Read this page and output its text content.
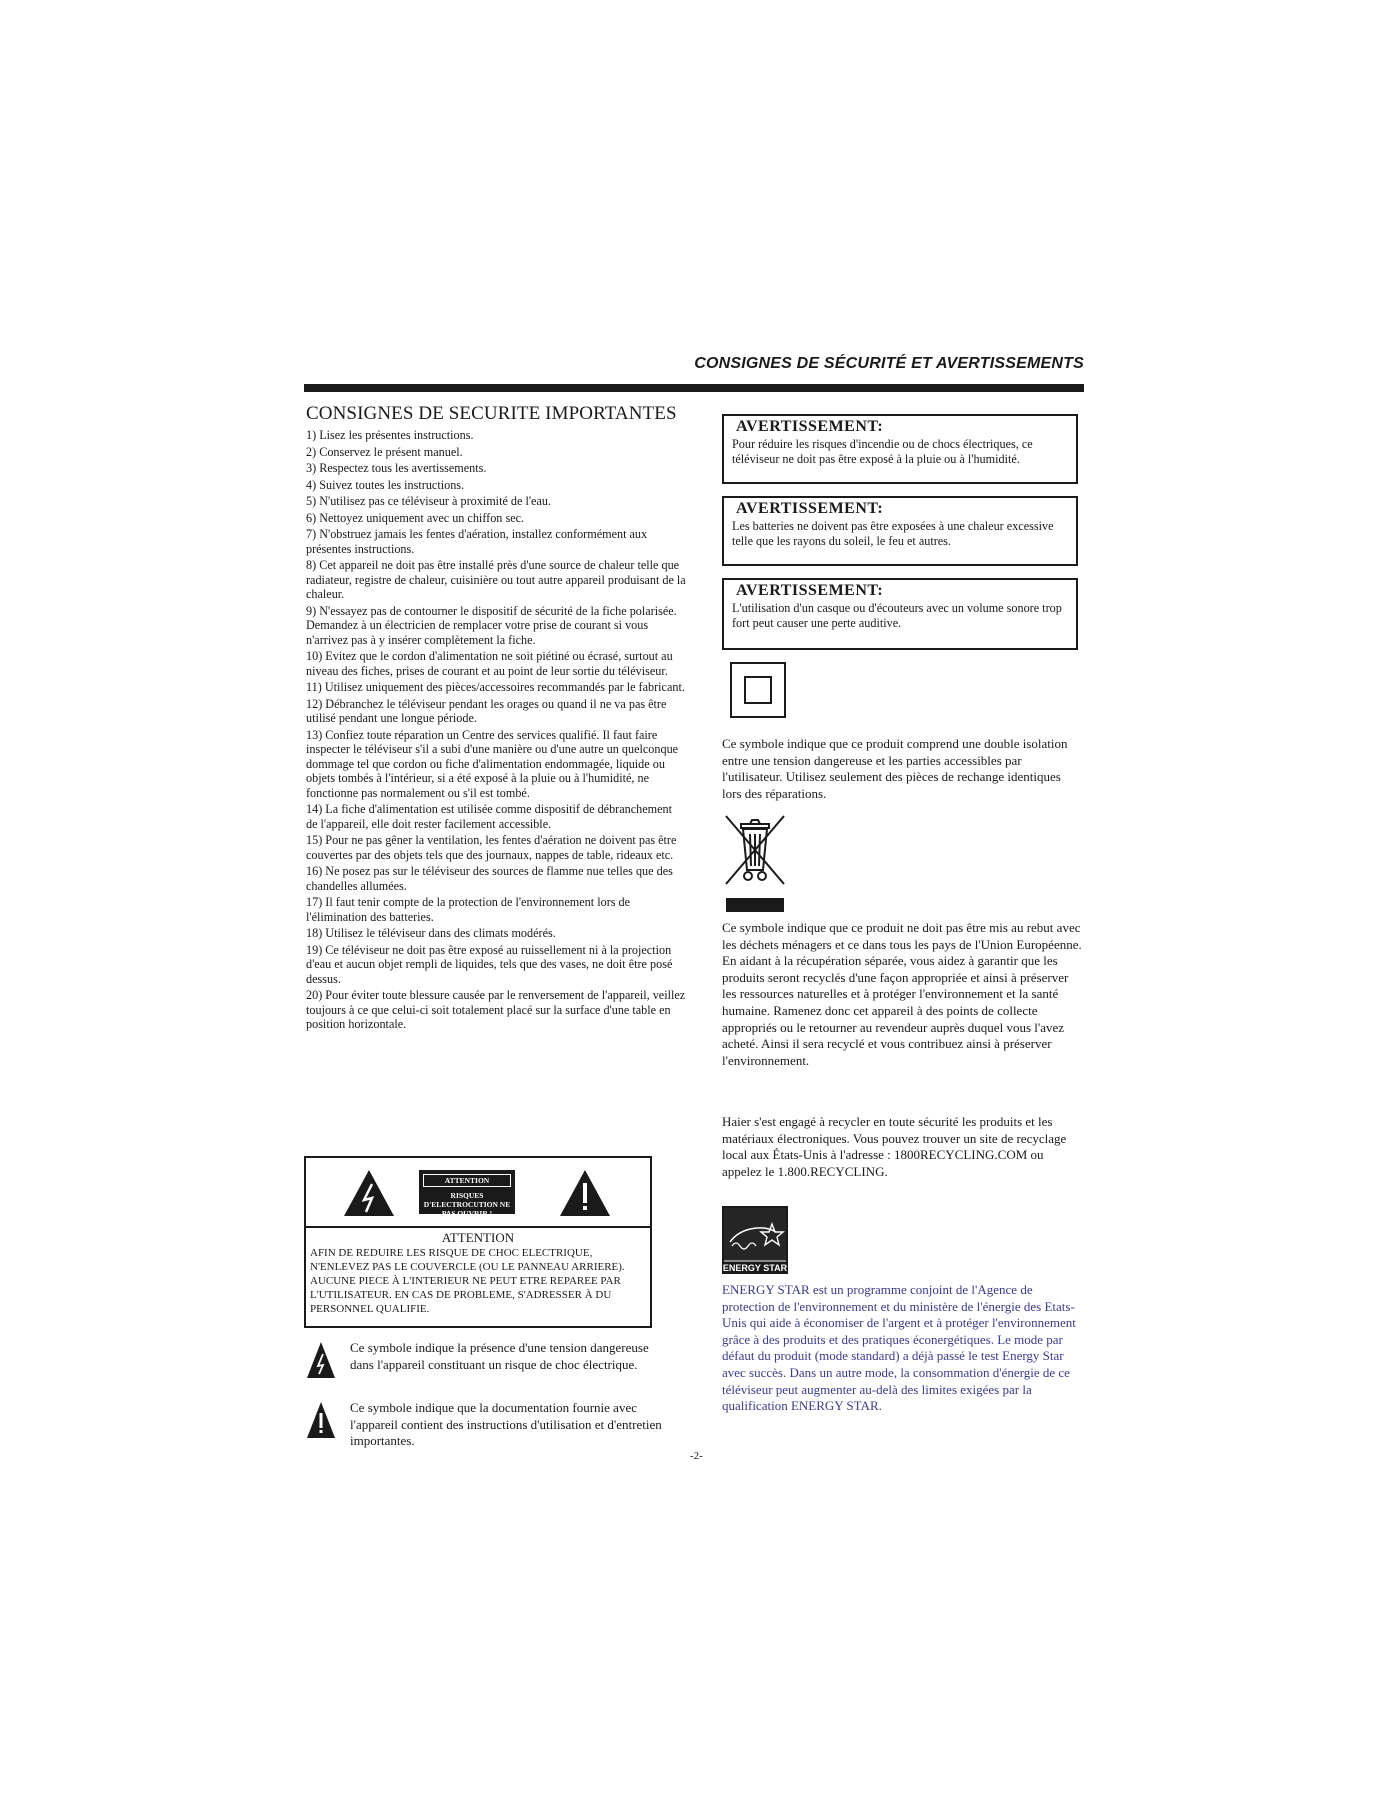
CONSIGNES DE SÉCURITÉ ET AVERTISSEMENTS
CONSIGNES DE SECURITE IMPORTANTES
1) Lisez les présentes instructions.
2) Conservez le présent manuel.
3) Respectez tous les avertissements.
4) Suivez toutes les instructions.
5) N'utilisez pas ce téléviseur à proximité de l'eau.
6) Nettoyez uniquement avec un chiffon sec.
7) N'obstruez jamais les fentes d'aération, installez conformément aux présentes instructions.
8) Cet appareil ne doit pas être installé près d'une source de chaleur telle que radiateur, registre de chaleur, cuisinière ou tout autre appareil produisant de la chaleur.
9) N'essayez pas de contourner le dispositif de sécurité de la fiche polarisée. Demandez à un électricien de remplacer votre prise de courant si vous n'arrivez pas à y insérer complètement la fiche.
10) Evitez que le cordon d'alimentation ne soit piétiné ou écrasé, surtout au niveau des fiches, prises de courant et au point de leur sortie du téléviseur.
11) Utilisez uniquement des pièces/accessoires recommandés par le fabricant.
12) Débranchez le téléviseur pendant les orages ou quand il ne va pas être utilisé pendant une longue période.
13) Confiez toute réparation un Centre des services qualifié. Il faut faire inspecter le téléviseur s'il a subi d'une manière ou d'une autre un quelconque dommage tel que cordon ou fiche d'alimentation endommagée, liquide ou objets tombés à l'intérieur, si a été exposé à la pluie ou à l'humidité, ne fonctionne pas normalement ou s'il est tombé.
14) La fiche d'alimentation est utilisée comme dispositif de débranchement de l'appareil, elle doit rester facilement accessible.
15) Pour ne pas gêner la ventilation, les fentes d'aération ne doivent pas être couvertes par des objets tels que des journaux, nappes de table, rideaux etc.
16) Ne posez pas sur le téléviseur des sources de flamme nue telles que des chandelles allumées.
17) Il faut tenir compte de la protection de l'environnement lors de l'élimination des batteries.
18) Utilisez le téléviseur dans des climats modérés.
19) Ce téléviseur ne doit pas être exposé au ruissellement ni à la projection d'eau et aucun objet rempli de liquides, tels que des vases, ne doit être posé dessus.
20) Pour éviter toute blessure causée par le renversement de l'appareil, veillez toujours à ce que celui-ci soit totalement placé sur la surface d'une table en position horizontale.
ATTENTION
RISQUES D'ELECTROCUTION NE PAS OUVRIR !
ATTENTION
AFIN DE REDUIRE LES RISQUE DE CHOC ELECTRIQUE, N'ENLEVEZ PAS LE COUVERCLE (OU LE PANNEAU ARRIERE). AUCUNE PIECE À L'INTERIEUR NE PEUT ETRE REPAREE PAR L'UTILISATEUR. EN CAS DE PROBLEME, S'ADRESSER À DU PERSONNEL QUALIFIE.
Ce symbole indique la présence d'une tension dangereuse dans l'appareil constituant un risque de choc électrique.
Ce symbole indique que la documentation fournie avec l'appareil contient des instructions d'utilisation et d'entretien importantes.
AVERTISSEMENT:
Pour réduire les risques d'incendie ou de chocs électriques, ce téléviseur ne doit pas être exposé à la pluie ou à l'humidité.
AVERTISSEMENT:
Les batteries ne doivent pas être exposées à une chaleur excessive telle que les rayons du soleil, le feu et autres.
AVERTISSEMENT:
L'utilisation d'un casque ou d'écouteurs avec un volume sonore trop fort peut causer une perte auditive.
Ce symbole indique que ce produit comprend une double isolation entre une tension dangereuse et les parties accessibles par l'utilisateur. Utilisez seulement des pièces de rechange identiques lors des réparations.
Ce symbole indique que ce produit ne doit pas être mis au rebut avec les déchets ménagers et ce dans tous les pays de l'Union Européenne. En aidant à la récupération séparée, vous aidez à garantir que les produits seront recyclés d'une façon appropriée et ainsi à préserver les ressources naturelles et à protéger l'environnement et la santé humaine. Ramenez donc cet appareil à des points de collecte appropriés ou le retourner au revendeur auprès duquel vous l'avez acheté. Ainsi il sera recyclé et vous contribuez ainsi à préserver l'environnement.
Haier s'est engagé à recycler en toute sécurité les produits et les matériaux électroniques. Vous pouvez trouver un site de recyclage local aux États-Unis à l'adresse : 1800RECYCLING.COM ou appelez le 1.800.RECYCLING.
ENERGY STAR
ENERGY STAR est un programme conjoint de l'Agence de protection de l'environnement et du ministère de l'énergie des Etats-Unis qui aide à économiser de l'argent et à protéger l'environnement grâce à des produits et des pratiques éconergétiques. Le mode par défaut du produit (mode standard) a déjà passé le test Energy Star avec succès. Dans un autre mode, la consommation d'énergie de ce téléviseur peut augmenter au-delà des limites exigées par la qualification ENERGY STAR.
-2-
